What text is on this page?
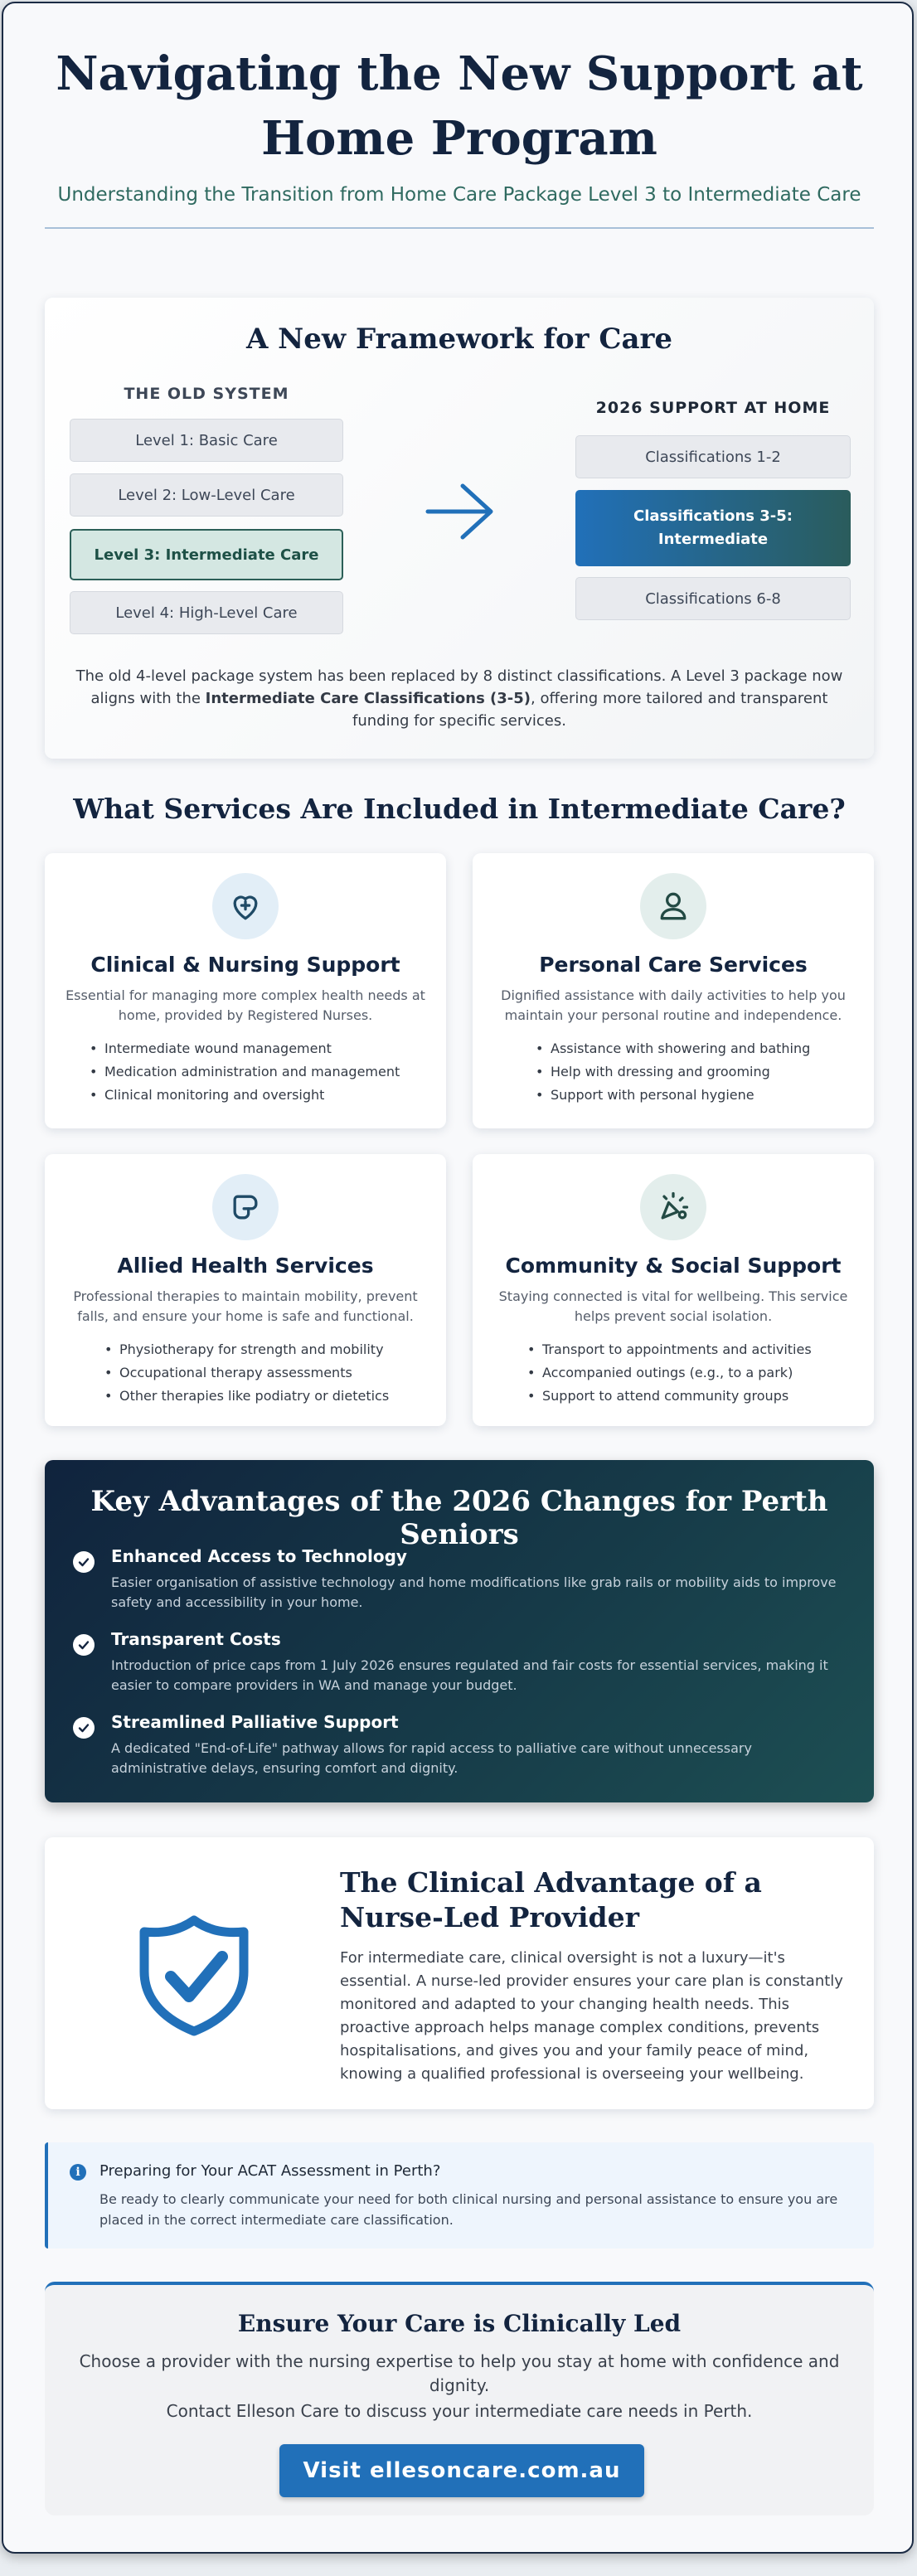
Navigating the New Support at Home Program

Understanding the Transition from Home Care Package Level 3 to Intermediate Care

A New Framework for Care
THE OLD SYSTEM
Level 1: Basic Care
Level 2: Low-Level Care
Level 3: Intermediate Care
Level 4: High-Level Care
2026 SUPPORT AT HOME
Classifications 1-2
Classifications 3-5: Intermediate
Classifications 6-8

The old 4-level package system has been replaced by 8 distinct classifications. A Level 3 package now aligns with the Intermediate Care Classifications (3-5), offering more tailored and transparent funding for specific services.

What Services Are Included in Intermediate Care?
Clinical & Nursing Support

Essential for managing more complex health needs at home, provided by Registered Nurses.

• Intermediate wound management
• Medication administration and management
• Clinical monitoring and oversight
Personal Care Services

Dignified assistance with daily activities to help you maintain your personal routine and independence.

• Assistance with showering and bathing
• Help with dressing and grooming
• Support with personal hygiene
Allied Health Services

Professional therapies to maintain mobility, prevent falls, and ensure your home is safe and functional.

• Physiotherapy for strength and mobility
• Occupational therapy assessments
• Other therapies like podiatry or dietetics
Community & Social Support

Staying connected is vital for wellbeing. This service helps prevent social isolation.

• Transport to appointments and activities
• Accompanied outings (e.g., to a park)
• Support to attend community groups
Key Advantages of the 2026 Changes for Perth Seniors
Enhanced Access to Technology
Easier organisation of assistive technology and home modifications like grab rails or mobility aids to improve safety and accessibility in your home.
Transparent Costs
Introduction of price caps from 1 July 2026 ensures regulated and fair costs for essential services, making it easier to compare providers in WA and manage your budget.
Streamlined Palliative Support
A dedicated "End-of-Life" pathway allows for rapid access to palliative care without unnecessary administrative delays, ensuring comfort and dignity.
The Clinical Advantage of a Nurse-Led Provider

For intermediate care, clinical oversight is not a luxury—it's essential. A nurse-led provider ensures your care plan is constantly monitored and adapted to your changing health needs. This proactive approach helps manage complex conditions, prevents hospitalisations, and gives you and your family peace of mind, knowing a qualified professional is overseeing your wellbeing.

i	Preparing for Your ACAT Assessment in Perth?
Be ready to clearly communicate your need for both clinical nursing and personal assistance to ensure you are placed in the correct intermediate care classification.
Ensure Your Care is Clinically Led

Choose a provider with the nursing expertise to help you stay at home with confidence and dignity.

Contact Elleson Care to discuss your intermediate care needs in Perth.

Visit ellesoncare.com.au
